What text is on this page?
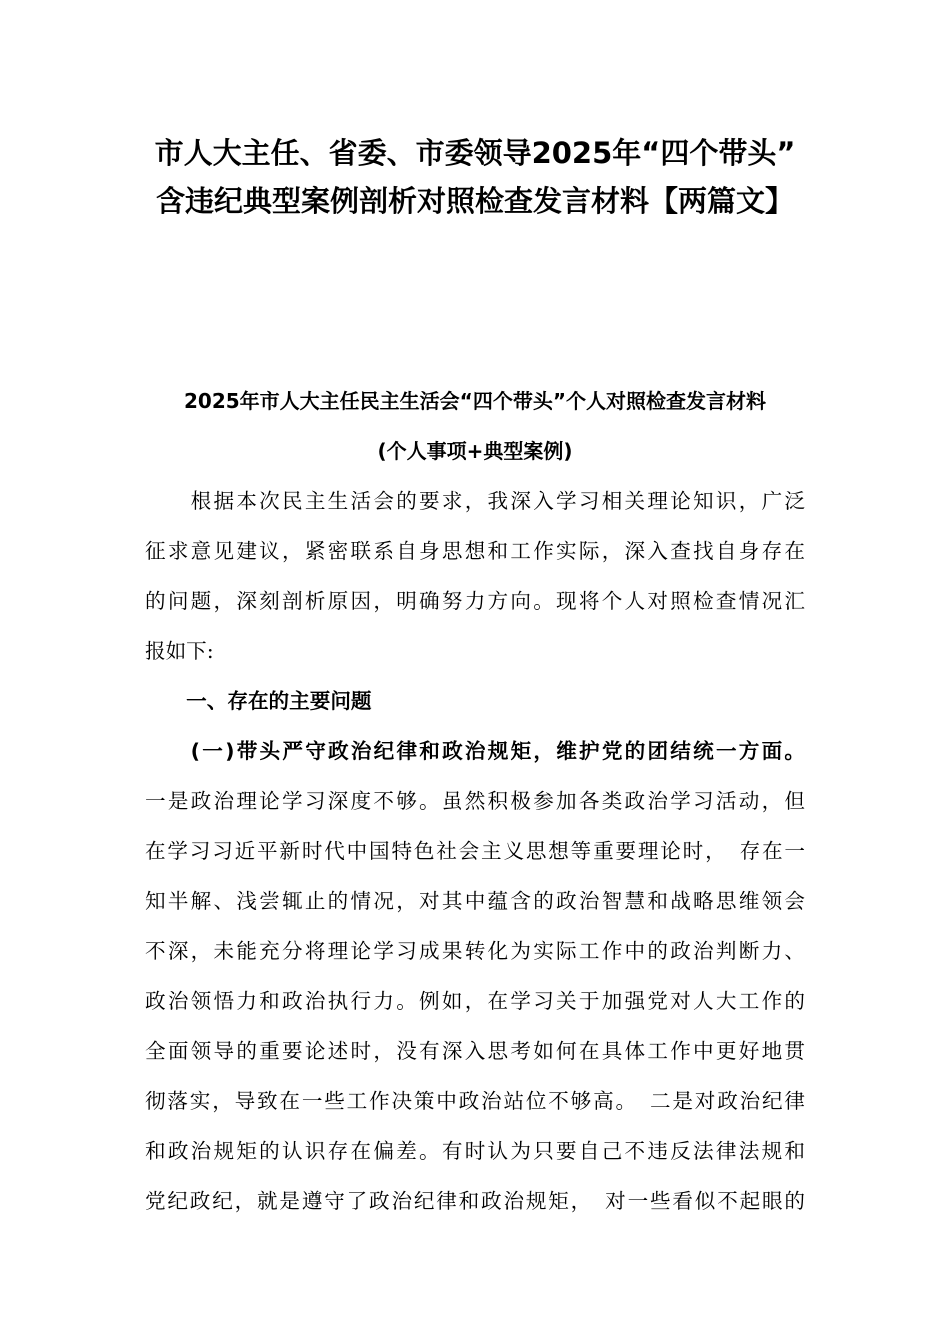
市人大主任、省委、市委领导2025年“四个带头”
含违纪典型案例剖析对照检查发言材料【两篇文】
2025年市人大主任民主生活会“四个带头”个人对照检查发言材料
(个人事项+典型案例)
　　根据本次民主生活会的要求，我深入学习相关理论知识，广泛
征求意见建议，紧密联系自身思想和工作实际，深入查找自身存在
的问题，深刻剖析原因，明确努力方向。现将个人对照检查情况汇
报如下:
　　一、存在的主要问题
　　(一)带头严守政治纪律和政治规矩，维护党的团结统一方面。
一是政治理论学习深度不够。虽然积极参加各类政治学习活动，但
在学习习近平新时代中国特色社会主义思想等重要理论时，　存在一
知半解、浅尝辄止的情况，对其中蕴含的政治智慧和战略思维领会
不深，未能充分将理论学习成果转化为实际工作中的政治判断力、
政治领悟力和政治执行力。例如，在学习关于加强党对人大工作的
全面领导的重要论述时，没有深入思考如何在具体工作中更好地贯
彻落实，导致在一些工作决策中政治站位不够高。　二是对政治纪律
和政治规矩的认识存在偏差。有时认为只要自己不违反法律法规和
党纪政纪，就是遵守了政治纪律和政治规矩，　对一些看似不起眼的
